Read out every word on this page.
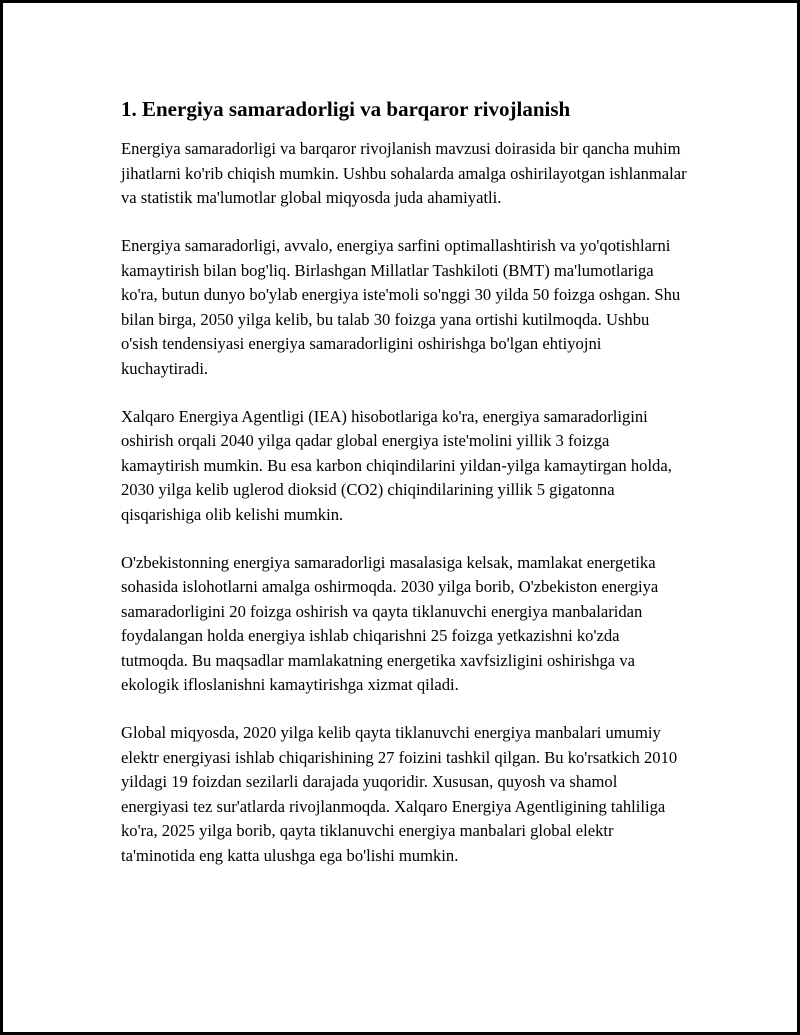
1. Energiya samaradorligi va barqaror rivojlanish

Energiya samaradorligi va barqaror rivojlanish mavzusi doirasida bir qancha muhim jihatlarni ko'rib chiqish mumkin. Ushbu sohalarda amalga oshirilayotgan ishlanmalar va statistik ma'lumotlar global miqyosda juda ahamiyatli.

Energiya samaradorligi, avvalo, energiya sarfini optimallashtirish va yo'qotishlarni kamaytirish bilan bog'liq. Birlashgan Millatlar Tashkiloti (BMT) ma'lumotlariga ko'ra, butun dunyo bo'ylab energiya iste'moli so'nggi 30 yilda 50 foizga oshgan. Shu bilan birga, 2050 yilga kelib, bu talab 30 foizga yana ortishi kutilmoqda. Ushbu o'sish tendensiyasi energiya samaradorligini oshirishga bo'lgan ehtiyojni kuchaytiradi.

Xalqaro Energiya Agentligi (IEA) hisobotlariga ko'ra, energiya samaradorligini oshirish orqali 2040 yilga qadar global energiya iste'molini yillik 3 foizga kamaytirish mumkin. Bu esa karbon chiqindilarini yildan-yilga kamaytirgan holda, 2030 yilga kelib uglerod dioksid (CO2) chiqindilarining yillik 5 gigatonna qisqarishiga olib kelishi mumkin.

O'zbekistonning energiya samaradorligi masalasiga kelsak, mamlakat energetika sohasida islohotlarni amalga oshirmoqda. 2030 yilga borib, O'zbekiston energiya samaradorligini 20 foizga oshirish va qayta tiklanuvchi energiya manbalaridan foydalangan holda energiya ishlab chiqarishni 25 foizga yetkazishni ko'zda tutmoqda. Bu maqsadlar mamlakatning energetika xavfsizligini oshirishga va ekologik ifloslanishni kamaytirishga xizmat qiladi.

Global miqyosda, 2020 yilga kelib qayta tiklanuvchi energiya manbalari umumiy elektr energiyasi ishlab chiqarishining 27 foizini tashkil qilgan. Bu ko'rsatkich 2010 yildagi 19 foizdan sezilarli darajada yuqoridir. Xususan, quyosh va shamol energiyasi tez sur'atlarda rivojlanmoqda. Xalqaro Energiya Agentligining tahliliga ko'ra, 2025 yilga borib, qayta tiklanuvchi energiya manbalari global elektr ta'minotida eng katta ulushga ega bo'lishi mumkin.
